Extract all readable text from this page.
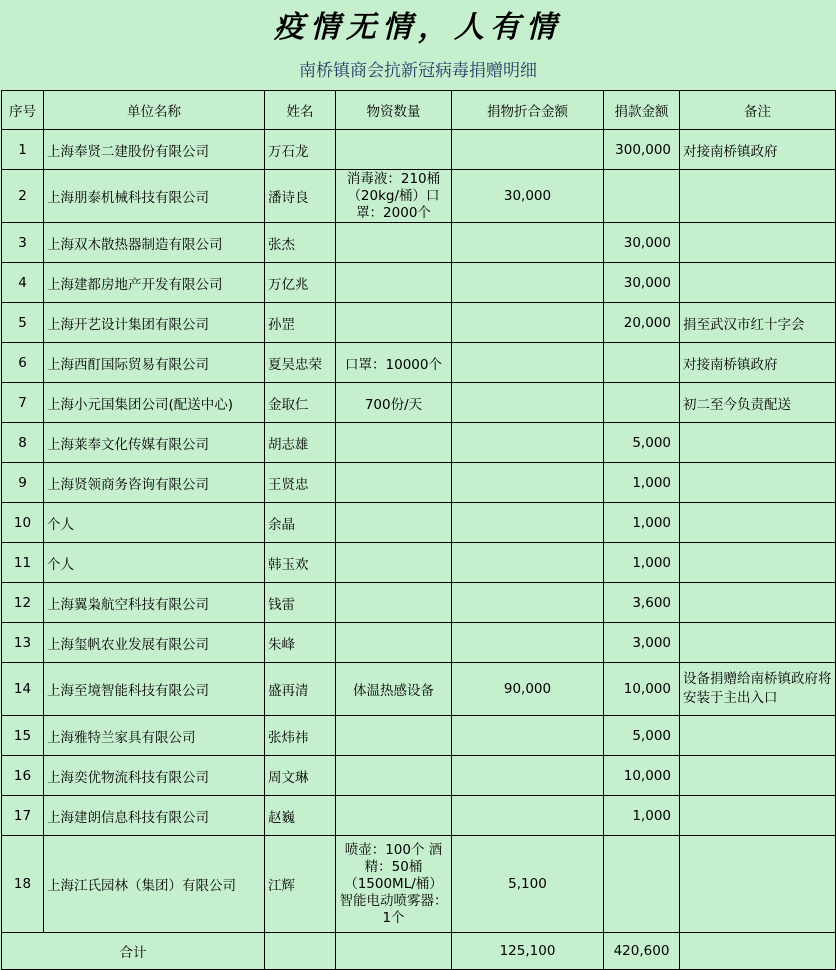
疫情无情，人有情
南桥镇商会抗新冠病毒捐赠明细
序号	单位名称	姓名	物资数量	捐物折合金额	捐款金额	备注
1	上海奉贤二建股份有限公司	万石龙			300,000	对接南桥镇政府
2	上海朋泰机械科技有限公司	潘诗良	消毒液：210桶（20kg/桶）口罩：2000个	30,000		
3	上海双木散热器制造有限公司	张杰			30,000	
4	上海建都房地产开发有限公司	万亿兆			30,000	
5	上海开艺设计集团有限公司	孙罡			20,000	捐至武汉市红十字会
6	上海西酊国际贸易有限公司	夏吴忠荣	口罩：10000个			对接南桥镇政府
7	上海小元国集团公司(配送中心)	金取仁	700份/天			初二至今负责配送
8	上海莱奉文化传媒有限公司	胡志雄			5,000	
9	上海贤领商务咨询有限公司	王贤忠			1,000	
10	个人	余晶			1,000	
11	个人	韩玉欢			1,000	
12	上海翼枭航空科技有限公司	钱雷			3,600	
13	上海玺帆农业发展有限公司	朱峰			3,000	
14	上海至境智能科技有限公司	盛再清	体温热感设备	90,000	10,000	设备捐赠给南桥镇政府将安装于主出入口
15	上海雅特兰家具有限公司	张炜祎			5,000	
16	上海奕优物流科技有限公司	周文琳			10,000	
17	上海建朗信息科技有限公司	赵巍			1,000	
18	上海江氏园林（集团）有限公司	江辉	喷壶：100个 酒精：50桶（1500ML/桶）智能电动喷雾器：1个	5,100		
合计				125,100	420,600	
